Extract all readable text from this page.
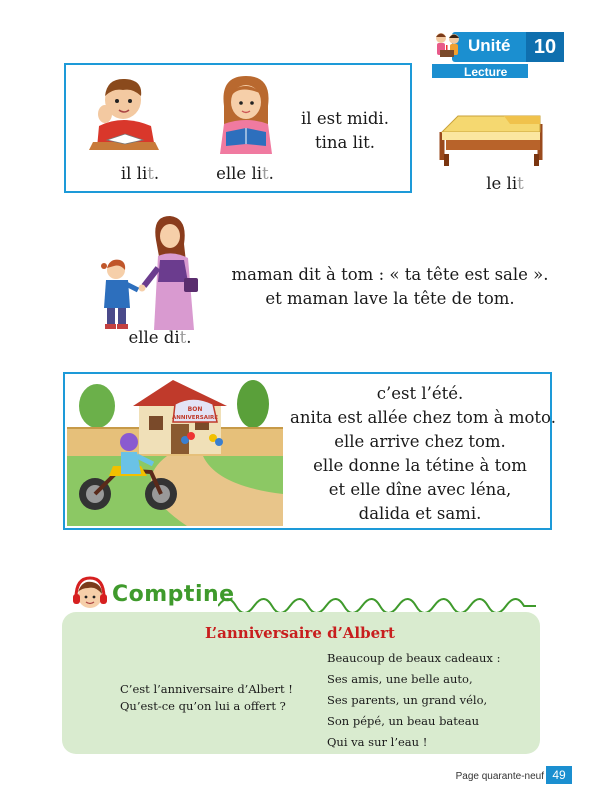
Unité	10
Lecture
il lit.	elle lit.
il est midi.
tina lit.
le lit
maman dit à tom : « ta tête est sale ».
et maman lave la tête de tom.
elle dit.
BON
ANNIVERSAIRE
c’est l’été.
anita est allée chez tom à moto.
elle arrive chez tom.
elle donne la tétine à tom
et elle dîne avec léna,
dalida et sami.
Comptine
L’anniversaire d’Albert
C’est l’anniversaire d’Albert !
Qu’est-ce qu’on lui a offert ?
Beaucoup de beaux cadeaux :
Ses amis, une belle auto,
Ses parents, un grand vélo,
Son pépé, un beau bateau
Qui va sur l’eau !
Page quarante-neuf 49
